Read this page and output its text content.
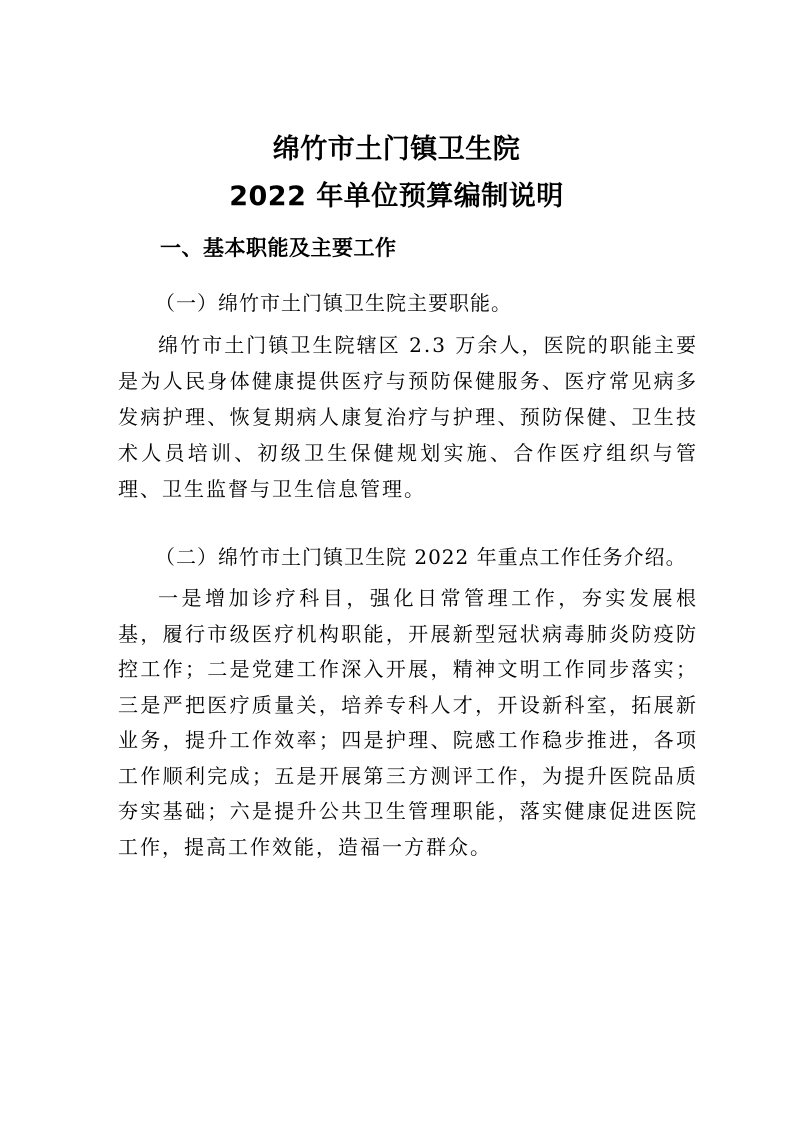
绵竹市土门镇卫生院
2022 年单位预算编制说明
一、基本职能及主要工作
（一）绵竹市土门镇卫生院主要职能。

绵竹市土门镇卫生院辖区 2.3 万余人，医院的职能主要是为人民身体健康提供医疗与预防保健服务、医疗常见病多发病护理、恢复期病人康复治疗与护理、预防保健、卫生技术人员培训、初级卫生保健规划实施、合作医疗组织与管理、卫生监督与卫生信息管理。

（二）绵竹市土门镇卫生院 2022 年重点工作任务介绍。

一是增加诊疗科目，强化日常管理工作，夯实发展根基，履行市级医疗机构职能，开展新型冠状病毒肺炎防疫防控工作；二是党建工作深入开展，精神文明工作同步落实；三是严把医疗质量关，培养专科人才，开设新科室，拓展新业务，提升工作效率；四是护理、院感工作稳步推进，各项工作顺利完成；五是开展第三方测评工作，为提升医院品质夯实基础；六是提升公共卫生管理职能，落实健康促进医院工作，提高工作效能，造福一方群众。
